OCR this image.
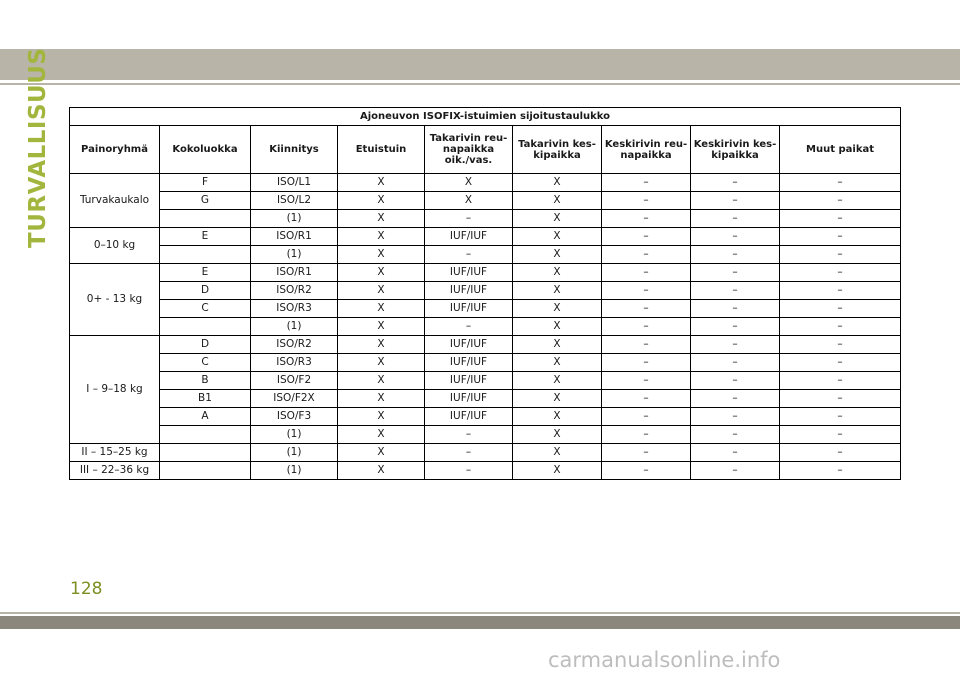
TURVALLISUUS	Ajoneuvon ISOFIX-istuimien sijoitustaulukko								
Painoryhmä	Kokoluokka	Kiinnitys	Etuistuin	Takarivin reu-napaikka oik./vas.	Takarivin kes-kipaikka	Keskirivin reu-napaikka	Keskirivin kes-kipaikka	Muut paikat
Turvakaukalo	F	ISO/L1	X	X	X	–	–	–
	G	ISO/L2	X	X	X	–	–	–
		(1)	X	–	X	–	–	–
0–10 kg	E	ISO/R1	X	IUF/IUF	X	–	–	–
		(1)	X	–	X	–	–	–
0+ - 13 kg	E	ISO/R1	X	IUF/IUF	X	–	–	–
	D	ISO/R2	X	IUF/IUF	X	–	–	–
	C	ISO/R3	X	IUF/IUF	X	–	–	–
		(1)	X	–	X	–	–	–
I – 9–18 kg	D	ISO/R2	X	IUF/IUF	X	–	–	–
	C	ISO/R3	X	IUF/IUF	X	–	–	–
	B	ISO/F2	X	IUF/IUF	X	–	–	–
	B1	ISO/F2X	X	IUF/IUF	X	–	–	–
	A	ISO/F3	X	IUF/IUF	X	–	–	–
		(1)	X	–	X	–	–	–
II – 15–25 kg		(1)	X	–	X	–	–	–
III – 22–36 kg		(1)	X	–	X	–	–	–
128
carmanualsonline.info
